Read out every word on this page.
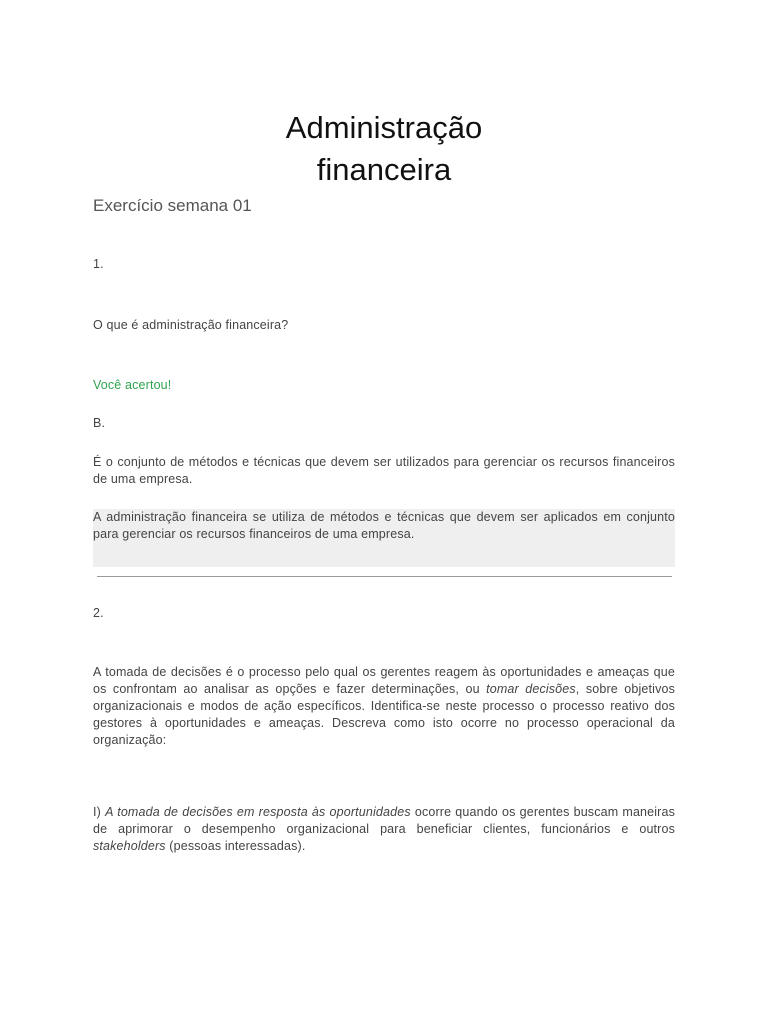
Administração
financeira
Exercício semana 01

1.

O que é administração financeira?

Você acertou!

B.

É o conjunto de métodos e técnicas que devem ser utilizados para gerenciar os recursos financeiros de uma empresa.

A administração financeira se utiliza de métodos e técnicas que devem ser aplicados em conjunto para gerenciar os recursos financeiros de uma empresa.

2.

A tomada de decisões é o processo pelo qual os gerentes reagem às oportunidades e ameaças que os confrontam ao analisar as opções e fazer determinações, ou tomar decisões, sobre objetivos organizacionais e modos de ação específicos. Identifica-se neste processo o processo reativo dos gestores à oportunidades e ameaças. Descreva como isto ocorre no processo operacional da organização:

I) A tomada de decisões em resposta às oportunidades ocorre quando os gerentes buscam maneiras de aprimorar o desempenho organizacional para beneficiar clientes, funcionários e outros stakeholders (pessoas interessadas).
